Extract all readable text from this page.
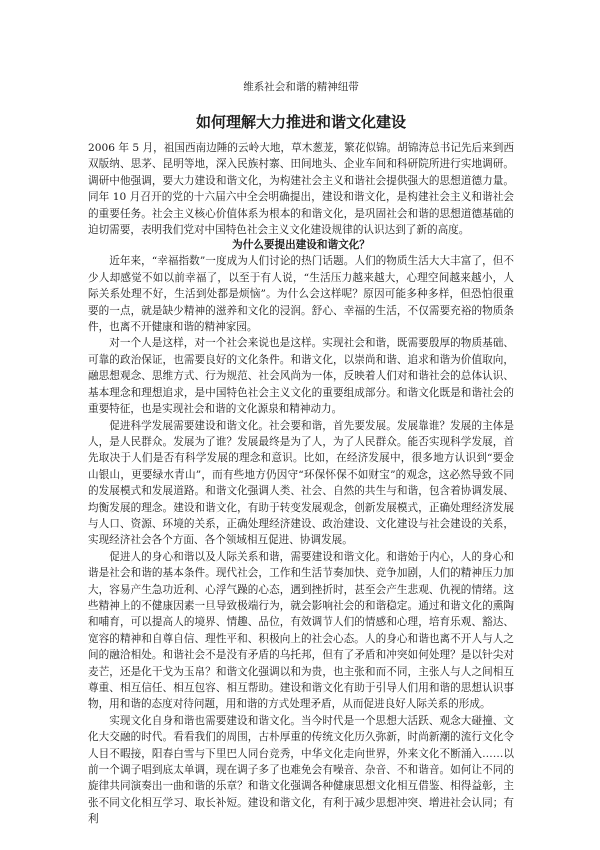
维系社会和谐的精神纽带
如何理解大力推进和谐文化建设

2006 年 5 月，祖国西南边陲的云岭大地，草木葱茏，繁花似锦。胡锦涛总书记先后来到西双版纳、思茅、昆明等地，深入民族村寨、田间地头、企业车间和科研院所进行实地调研。调研中他强调，要大力建设和谐文化，为构建社会主义和谐社会提供强大的思想道德力量。同年 10 月召开的党的十六届六中全会明确提出，建设和谐文化，是构建社会主义和谐社会的重要任务。社会主义核心价值体系为根本的和谐文化，是巩固社会和谐的思想道德基础的迫切需要，表明我们党对中国特色社会主义文化建设规律的认识达到了新的高度。

为什么要提出建设和谐文化？

近年来，“幸福指数”一度成为人们讨论的热门话题。人们的物质生活大大丰富了，但不少人却感觉不如以前幸福了，以至于有人说，“生活压力越来越大，心理空间越来越小，人际关系处理不好，生活到处都是烦恼”。为什么会这样呢？原因可能多种多样，但恐怕很重要的一点，就是缺少精神的滋养和文化的浸润。舒心、幸福的生活，不仅需要充裕的物质条件，也离不开健康和谐的精神家园。

对一个人是这样，对一个社会来说也是这样。实现社会和谐，既需要殷厚的物质基础、可靠的政治保证，也需要良好的文化条件。和谐文化，以崇尚和谐、追求和谐为价值取向，融思想观念、思维方式、行为规范、社会风尚为一体，反映着人们对和谐社会的总体认识、基本理念和理想追求，是中国特色社会主义文化的重要组成部分。和谐文化既是和谐社会的重要特征，也是实现社会和谐的文化源泉和精神动力。

促进科学发展需要建设和谐文化。社会要和谐，首先要发展。发展靠谁？发展的主体是人，是人民群众。发展为了谁？发展最终是为了人，为了人民群众。能否实现科学发展，首先取决于人们是否有科学发展的理念和意识。比如，在经济发展中，很多地方认识到“要金山银山，更要绿水青山”，而有些地方仍因守“环保怀保不如财宝”的观念，这必然导致不同的发展模式和发展道路。和谐文化强调人类、社会、自然的共生与和谐，包含着协调发展、均衡发展的理念。建设和谐文化，有助于转变发展观念，创新发展模式，正确处理经济发展与人口、资源、环境的关系，正确处理经济建设、政治建设、文化建设与社会建设的关系，实现经济社会各个方面、各个领域相互促进、协调发展。

促进人的身心和谐以及人际关系和谐，需要建设和谐文化。和谐始于内心，人的身心和谐是社会和谐的基本条件。现代社会，工作和生活节奏加快、竞争加剧，人们的精神压力加大，容易产生急功近利、心浮气躁的心态，遇到挫折时，甚至会产生悲观、仇视的情绪。这些精神上的不健康因素一旦导致极端行为，就会影响社会的和谐稳定。通过和谐文化的熏陶和哺育，可以提高人的境界、情趣、品位，有效调节人们的情感和心理，培育乐观、豁达、宽容的精神和自尊自信、理性平和、积极向上的社会心态。人的身心和谐也离不开人与人之间的融洽相处。和谐社会不是没有矛盾的乌托邦，但有了矛盾和冲突如何处理？是以针尖对麦芒，还是化干戈为玉帛？和谐文化强调以和为贵，也主张和而不同，主张人与人之间相互尊重、相互信任、相互包容、相互帮助。建设和谐文化有助于引导人们用和谐的思想认识事物，用和谐的态度对待问题，用和谐的方式处理矛盾，从而促进良好人际关系的形成。

实现文化自身和谐也需要建设和谐文化。当今时代是一个思想大活跃、观念大碰撞、文化大交融的时代。看看我们的周围，古朴厚重的传统文化历久弥新，时尚新潮的流行文化令人目不暇接，阳春白雪与下里巴人同台竞秀，中华文化走向世界，外来文化不断涌入……以前一个调子唱到底太单调，现在调子多了也难免会有噪音、杂音、不和谐音。如何让不同的旋律共同演奏出一曲和谐的乐章？和谐文化强调各种健康思想文化相互借鉴、相得益彰，主张不同文化相互学习、取长补短。建设和谐文化，有利于减少思想冲突、增进社会认同；有利
